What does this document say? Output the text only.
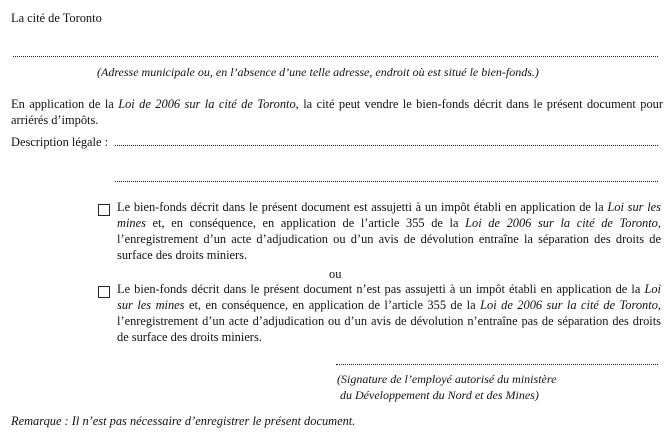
La cité de Toronto
(Adresse municipale ou, en l’absence d’une telle adresse, endroit où est situé le bien-fonds.)
En application de la Loi de 2006 sur la cité de Toronto, la cité peut vendre le bien-fonds décrit dans le présent document pour arriérés d’impôts.
Description légale :
Le bien-fonds décrit dans le présent document est assujetti à un impôt établi en application de la Loi sur les mines et, en conséquence, en application de l’article 355 de la Loi de 2006 sur la cité de Toronto, l’enregistrement d’un acte d’adjudication ou d’un avis de dévolution entraîne la séparation des droits de surface des droits miniers.
ou
Le bien-fonds décrit dans le présent document n’est pas assujetti à un impôt établi en application de la Loi sur les mines et, en conséquence, en application de l’article 355 de la Loi de 2006 sur la cité de Toronto, l’enregistrement d’un acte d’adjudication ou d’un avis de dévolution n’entraîne pas de séparation des droits de surface des droits miniers.
(Signature de l’employé autorisé du ministère
du Développement du Nord et des Mines)
Remarque : Il n’est pas nécessaire d’enregistrer le présent document.
